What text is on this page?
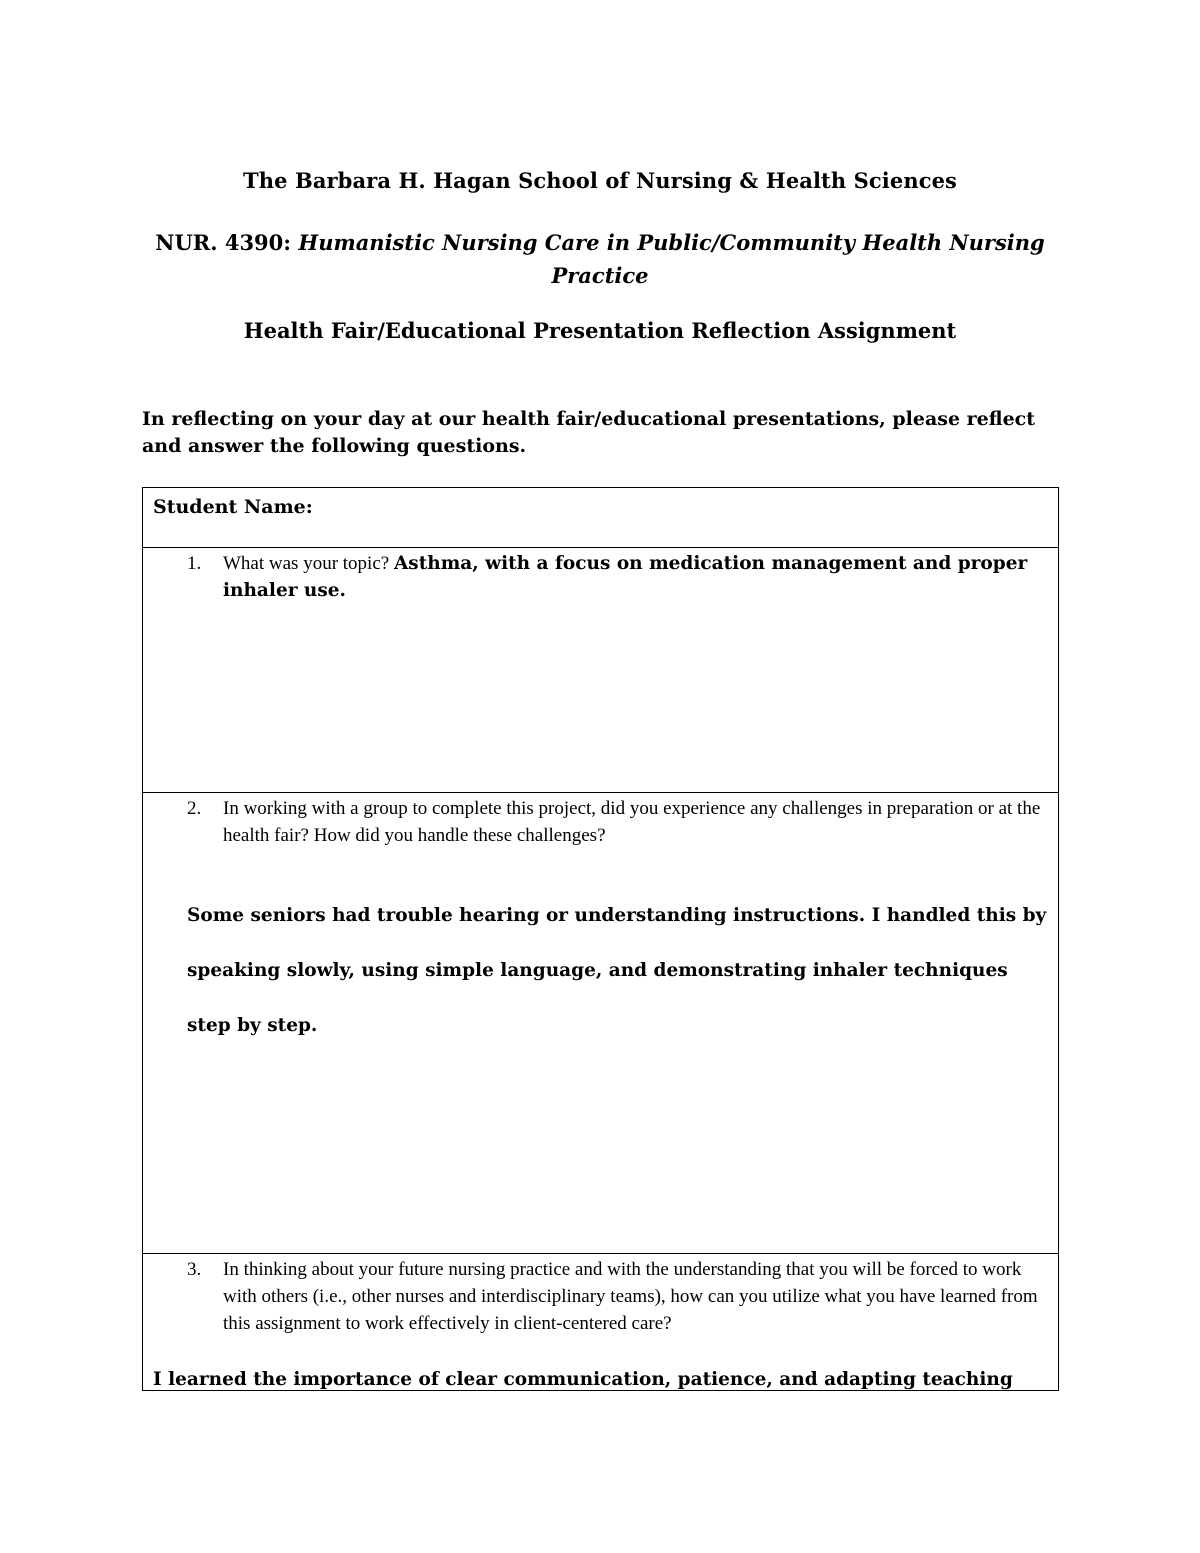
The Barbara H. Hagan School of Nursing & Health Sciences
NUR. 4390: Humanistic Nursing Care in Public/Community Health Nursing Practice
Health Fair/Educational Presentation Reflection Assignment
In reflecting on your day at our health fair/educational presentations, please reflect and answer the following questions.
Student Name:
1. What was your topic? Asthma, with a focus on medication management and proper inhaler use.
2. In working with a group to complete this project, did you experience any challenges in preparation or at the health fair? How did you handle these challenges?
Some seniors had trouble hearing or understanding instructions. I handled this by speaking slowly, using simple language, and demonstrating inhaler techniques step by step.
3. In thinking about your future nursing practice and with the understanding that you will be forced to work with others (i.e., other nurses and interdisciplinary teams), how can you utilize what you have learned from this assignment to work effectively in client-centered care?
I learned the importance of clear communication, patience, and adapting teaching
